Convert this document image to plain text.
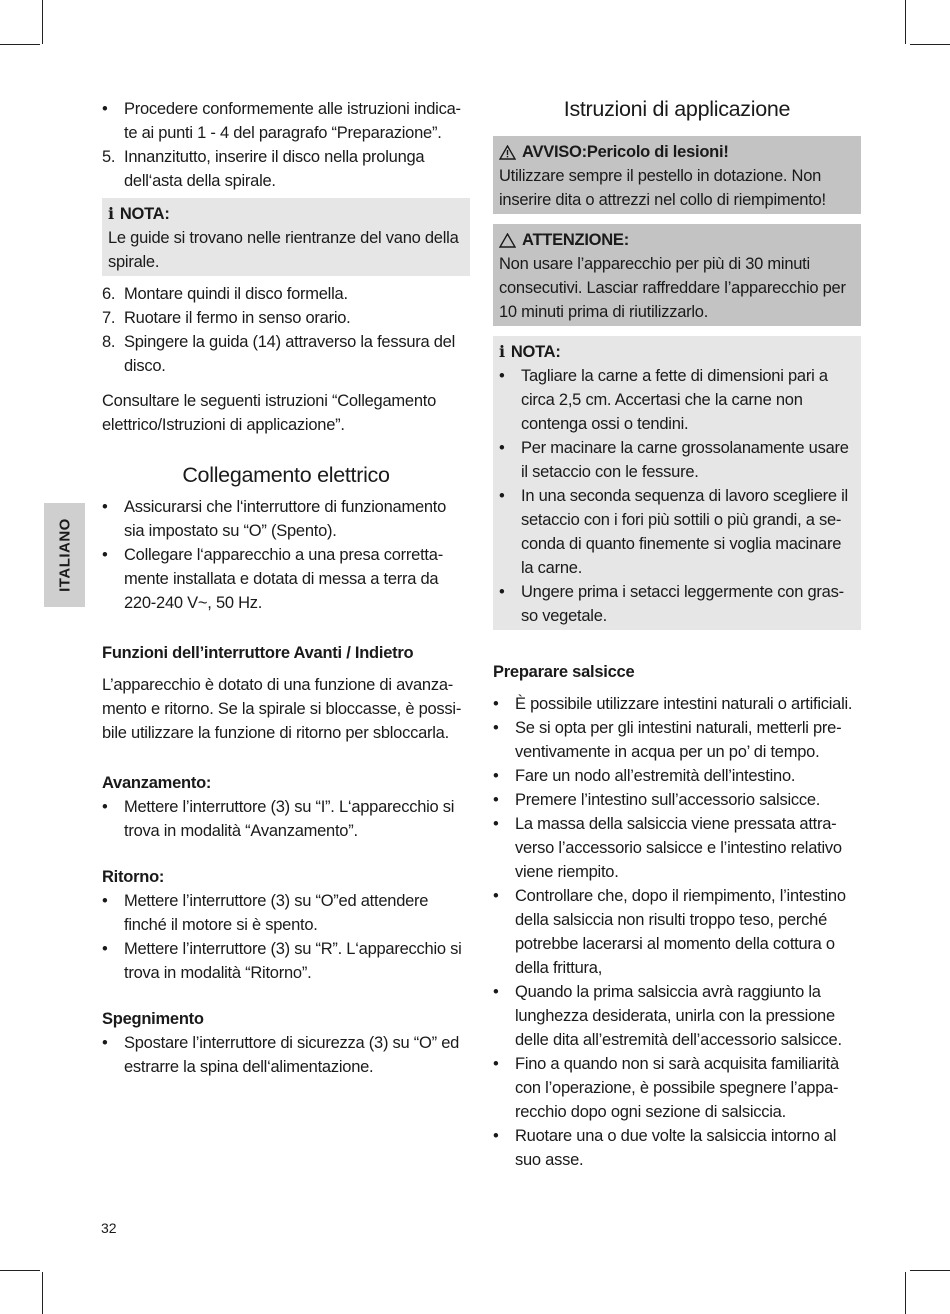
ITALIANO
• Procedere conformemente alle istruzioni indica-te ai punti 1 - 4 del paragrafo “Preparazione”.
5. Innanzitutto, inserire il disco nella prolunga dell‘asta della spirale.
i NOTA:

Le guide si trovano nelle rientranze del vano della spirale.

6. Montare quindi il disco formella.
7. Ruotare il fermo in senso orario.
8. Spingere la guida (14) attraverso la fessura del disco.

Consultare le seguenti istruzioni “Collegamento elettrico/Istruzioni di applicazione”.

Collegamento elettrico
• Assicurarsi che l‘interruttore di funzionamento sia impostato su “O” (Spento).
• Collegare l‘apparecchio a una presa corretta-mente installata e dotata di messa a terra da 220-240 V~, 50 Hz.
Funzioni dell’interruttore Avanti / Indietro

L’apparecchio è dotato di una funzione di avanza-mento e ritorno. Se la spirale si bloccasse, è possi-bile utilizzare la funzione di ritorno per sbloccarla.

Avanzamento:
• Mettere l’interruttore (3) su “I”. L‘apparecchio si trova in modalità “Avanzamento”.
Ritorno:
• Mettere l’interruttore (3) su “O”ed attendere finché il motore si è spento.
• Mettere l’interruttore (3) su “R”. L‘apparecchio si trova in modalità “Ritorno”.
Spegnimento
• Spostare l’interruttore di sicurezza (3) su “O” ed estrarre la spina dell‘alimentazione.
Istruzioni di applicazione
AVVISO:Pericolo di lesioni!

Utilizzare sempre il pestello in dotazione. Non inserire dita o attrezzi nel collo di riempimento!

ATTENZIONE:

Non usare l’apparecchio per più di 30 minuti consecutivi. Lasciar raffreddare l’apparecchio per 10 minuti prima di riutilizzarlo.

i NOTA:
• Tagliare la carne a fette di dimensioni pari a circa 2,5 cm. Accertasi che la carne non contenga ossi o tendini.
• Per macinare la carne grossolanamente usare il setaccio con le fessure.
• In una seconda sequenza di lavoro scegliere il setaccio con i fori più sottili o più grandi, a se-conda di quanto finemente si voglia macinare la carne.
• Ungere prima i setacci leggermente con gras-so vegetale.
Preparare salsicce
• È possibile utilizzare intestini naturali o artificiali.
• Se si opta per gli intestini naturali, metterli pre-ventivamente in acqua per un po’ di tempo.
• Fare un nodo all’estremità dell’intestino.
• Premere l’intestino sull’accessorio salsicce.
• La massa della salsiccia viene pressata attra-verso l’accessorio salsicce e l’intestino relativo viene riempito.
• Controllare che, dopo il riempimento, l’intestino della salsiccia non risulti troppo teso, perché potrebbe lacerarsi al momento della cottura o della frittura,
• Quando la prima salsiccia avrà raggiunto la lunghezza desiderata, unirla con la pressione delle dita all’estremità dell’accessorio salsicce.
• Fino a quando non si sarà acquisita familiarità con l’operazione, è possibile spegnere l’appa-recchio dopo ogni sezione di salsiccia.
• Ruotare una o due volte la salsiccia intorno al suo asse.
32
